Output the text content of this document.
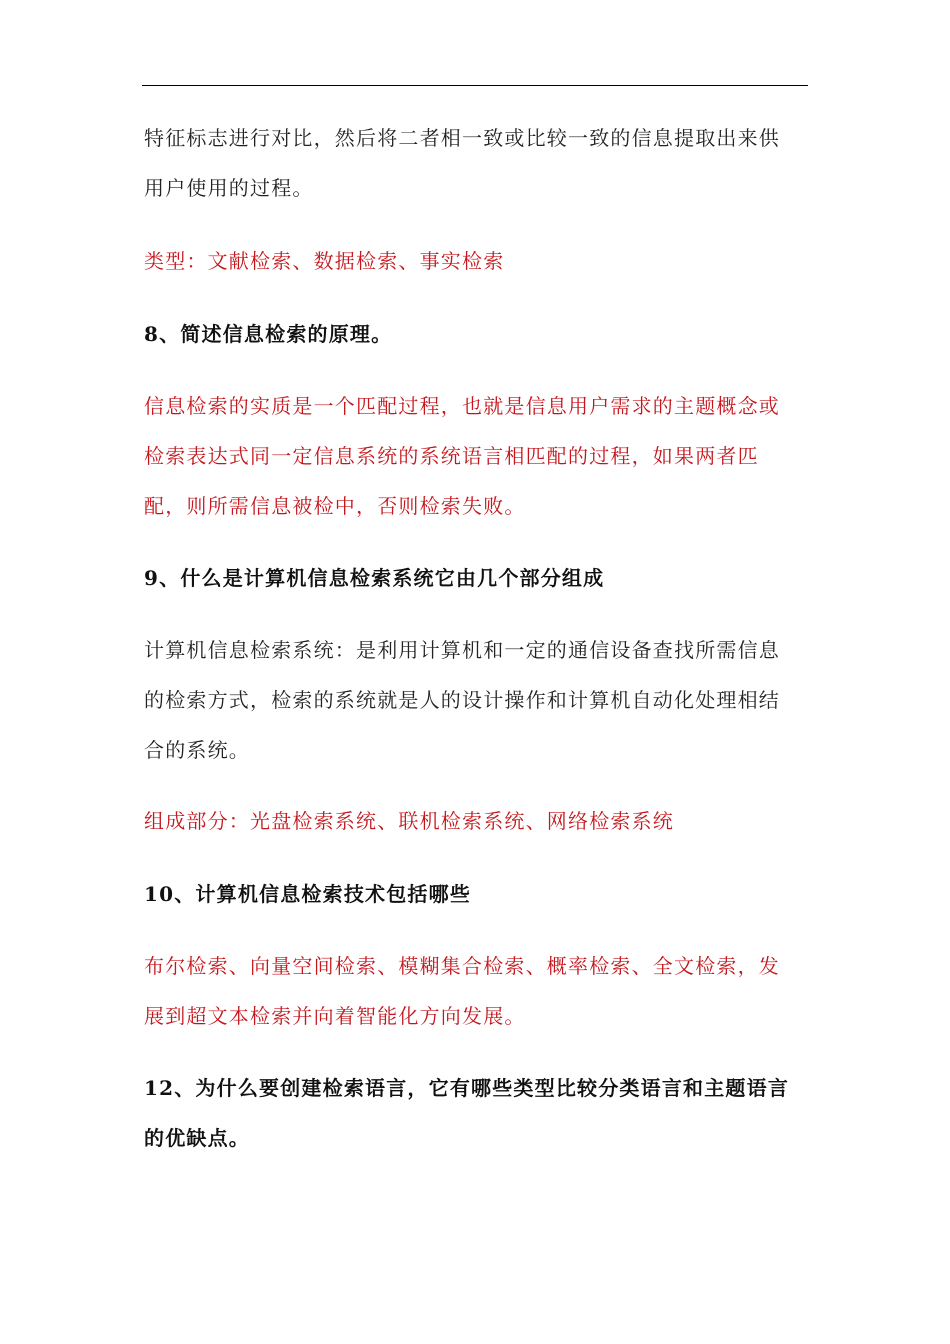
特征标志进行对比，然后将二者相一致或比较一致的信息提取出来供
用户使用的过程。
类型：文献检索、数据检索、事实检索
8、简述信息检索的原理。
信息检索的实质是一个匹配过程，也就是信息用户需求的主题概念或
检索表达式同一定信息系统的系统语言相匹配的过程，如果两者匹
配，则所需信息被检中，否则检索失败。
9、什么是计算机信息检索系统它由几个部分组成
计算机信息检索系统：是利用计算机和一定的通信设备查找所需信息
的检索方式，检索的系统就是人的设计操作和计算机自动化处理相结
合的系统。
组成部分：光盘检索系统、联机检索系统、网络检索系统
10、计算机信息检索技术包括哪些
布尔检索、向量空间检索、模糊集合检索、概率检索、全文检索，发
展到超文本检索并向着智能化方向发展。
12、为什么要创建检索语言，它有哪些类型比较分类语言和主题语言
的优缺点。
